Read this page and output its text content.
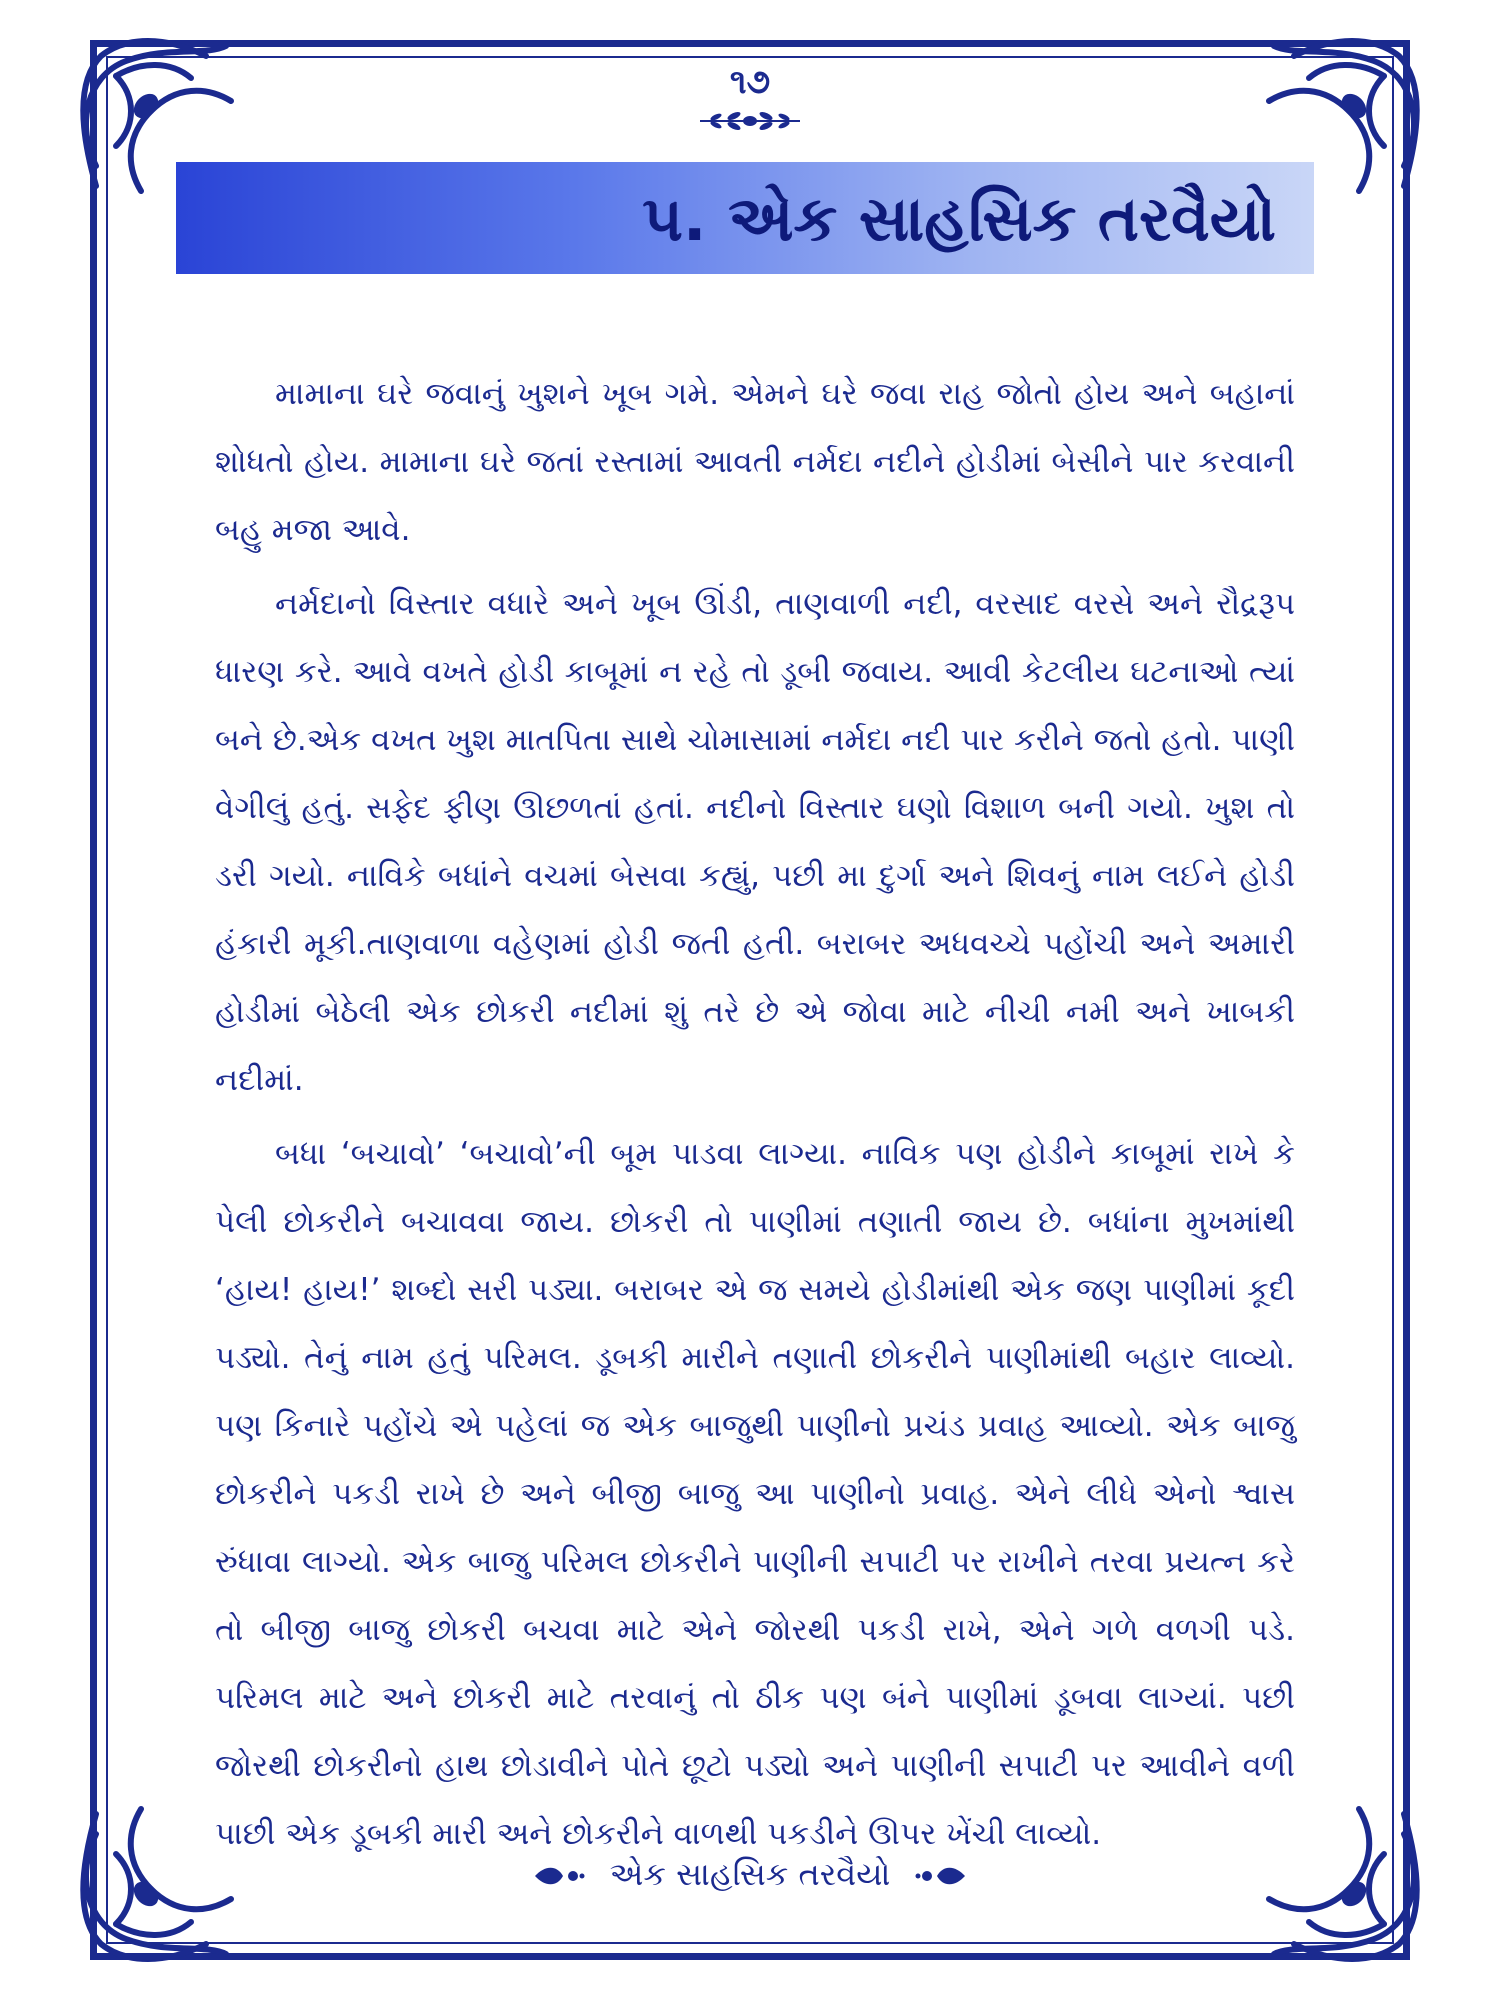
૧૭
૫. એક સાહસિક તરવૈયો

મામાના ઘરે જવાનું ખુશને ખૂબ ગમે. એમને ઘરે જવા રાહ જોતો હોય અને બહાનાં શોધતો હોય. મામાના ઘરે જતાં રસ્તામાં આવતી નર્મદા નદીને હોડીમાં બેસીને પાર કરવાની બહુ મજા આવે.

નર્મદાનો વિસ્તાર વધારે અને ખૂબ ઊંડી, તાણવાળી નદી, વરસાદ વરસે અને રૌદ્રરૂપ ધારણ કરે. આવે વખતે હોડી કાબૂમાં ન રહે તો ડૂબી જવાય. આવી કેટલીય ઘટનાઓ ત્યાં બને છે.એક વખત ખુશ માતપિતા સાથે ચોમાસામાં નર્મદા નદી પાર કરીને જતો હતો. પાણી વેગીલું હતું. સફેદ ફીણ ઊછળતાં હતાં. નદીનો વિસ્તાર ઘણો વિશાળ બની ગયો. ખુશ તો ડરી ગયો. નાવિકે બધાંને વચમાં બેસવા કહ્યું, પછી મા દુર્ગા અને શિવનું નામ લઈને હોડી હંકારી મૂકી.તાણવાળા વહેણમાં હોડી જતી હતી. બરાબર અધવચ્ચે પહોંચી અને અમારી હોડીમાં બેઠેલી એક છોકરી નદીમાં શું તરે છે એ જોવા માટે નીચી નમી અને ખાબકી નદીમાં.

બધા ‘બચાવો’ ‘બચાવો’ની બૂમ પાડવા લાગ્યા. નાવિક પણ હોડીને કાબૂમાં રાખે કે પેલી છોકરીને બચાવવા જાય. છોકરી તો પાણીમાં તણાતી જાય છે. બધાંના મુખમાંથી ‘હાય! હાય!’ શબ્દો સરી પડ્યા. બરાબર એ જ સમયે હોડીમાંથી એક જણ પાણીમાં કૂદી પડ્યો. તેનું નામ હતું પરિમલ. ડૂબકી મારીને તણાતી છોકરીને પાણીમાંથી બહાર લાવ્યો. પણ કિનારે પહોંચે એ પહેલાં જ એક બાજુથી પાણીનો પ્રચંડ પ્રવાહ આવ્યો. એક બાજુ છોકરીને પકડી રાખે છે અને બીજી બાજુ આ પાણીનો પ્રવાહ. એને લીધે એનો શ્વાસ રુંધાવા લાગ્યો. એક બાજુ પરિમલ છોકરીને પાણીની સપાટી પર રાખીને તરવા પ્રયત્ન કરે તો બીજી બાજુ છોકરી બચવા માટે એને જોરથી પકડી રાખે, એને ગળે વળગી પડે. પરિમલ માટે અને છોકરી માટે તરવાનું તો ઠીક પણ બંને પાણીમાં ડૂબવા લાગ્યાં. પછી જોરથી છોકરીનો હાથ છોડાવીને પોતે છૂટો પડ્યો અને પાણીની સપાટી પર આવીને વળી પાછી એક ડૂબકી મારી અને છોકરીને વાળથી પકડીને ઊપર ખેંચી લાવ્યો.

એક સાહસિક તરવૈયો
